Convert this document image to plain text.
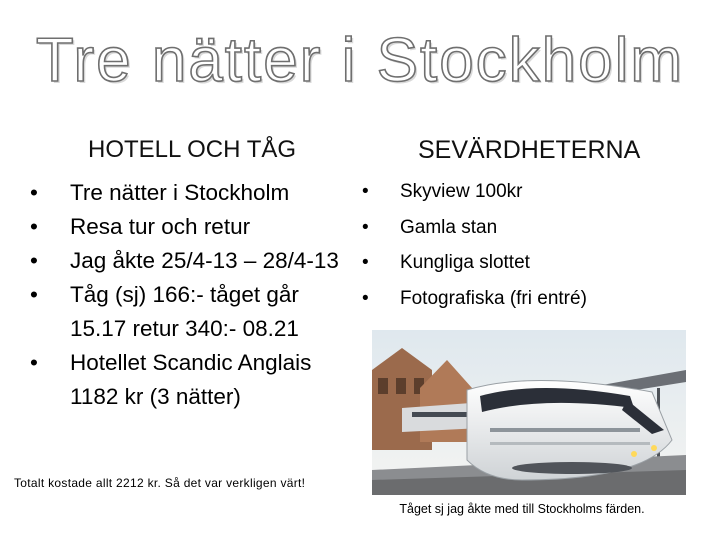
Tre nätter i Stockholm
HOTELL OCH TÅG	SEVÄRDHETERNA
• Tre nätter i Stockholm
• Resa tur och retur
• Jag åkte 25/4-13 – 28/4-13
• Tåg (sj) 166:- tåget går 15.17 retur 340:- 08.21
• Hotellet Scandic Anglais 1182 kr (3 nätter)
• Skyview 100kr
• Gamla stan
• Kungliga slottet
• Fotografiska (fri entré)
Totalt kostade allt 2212 kr. Så det var verkligen värt!
Tåget sj jag åkte med till Stockholms färden.
